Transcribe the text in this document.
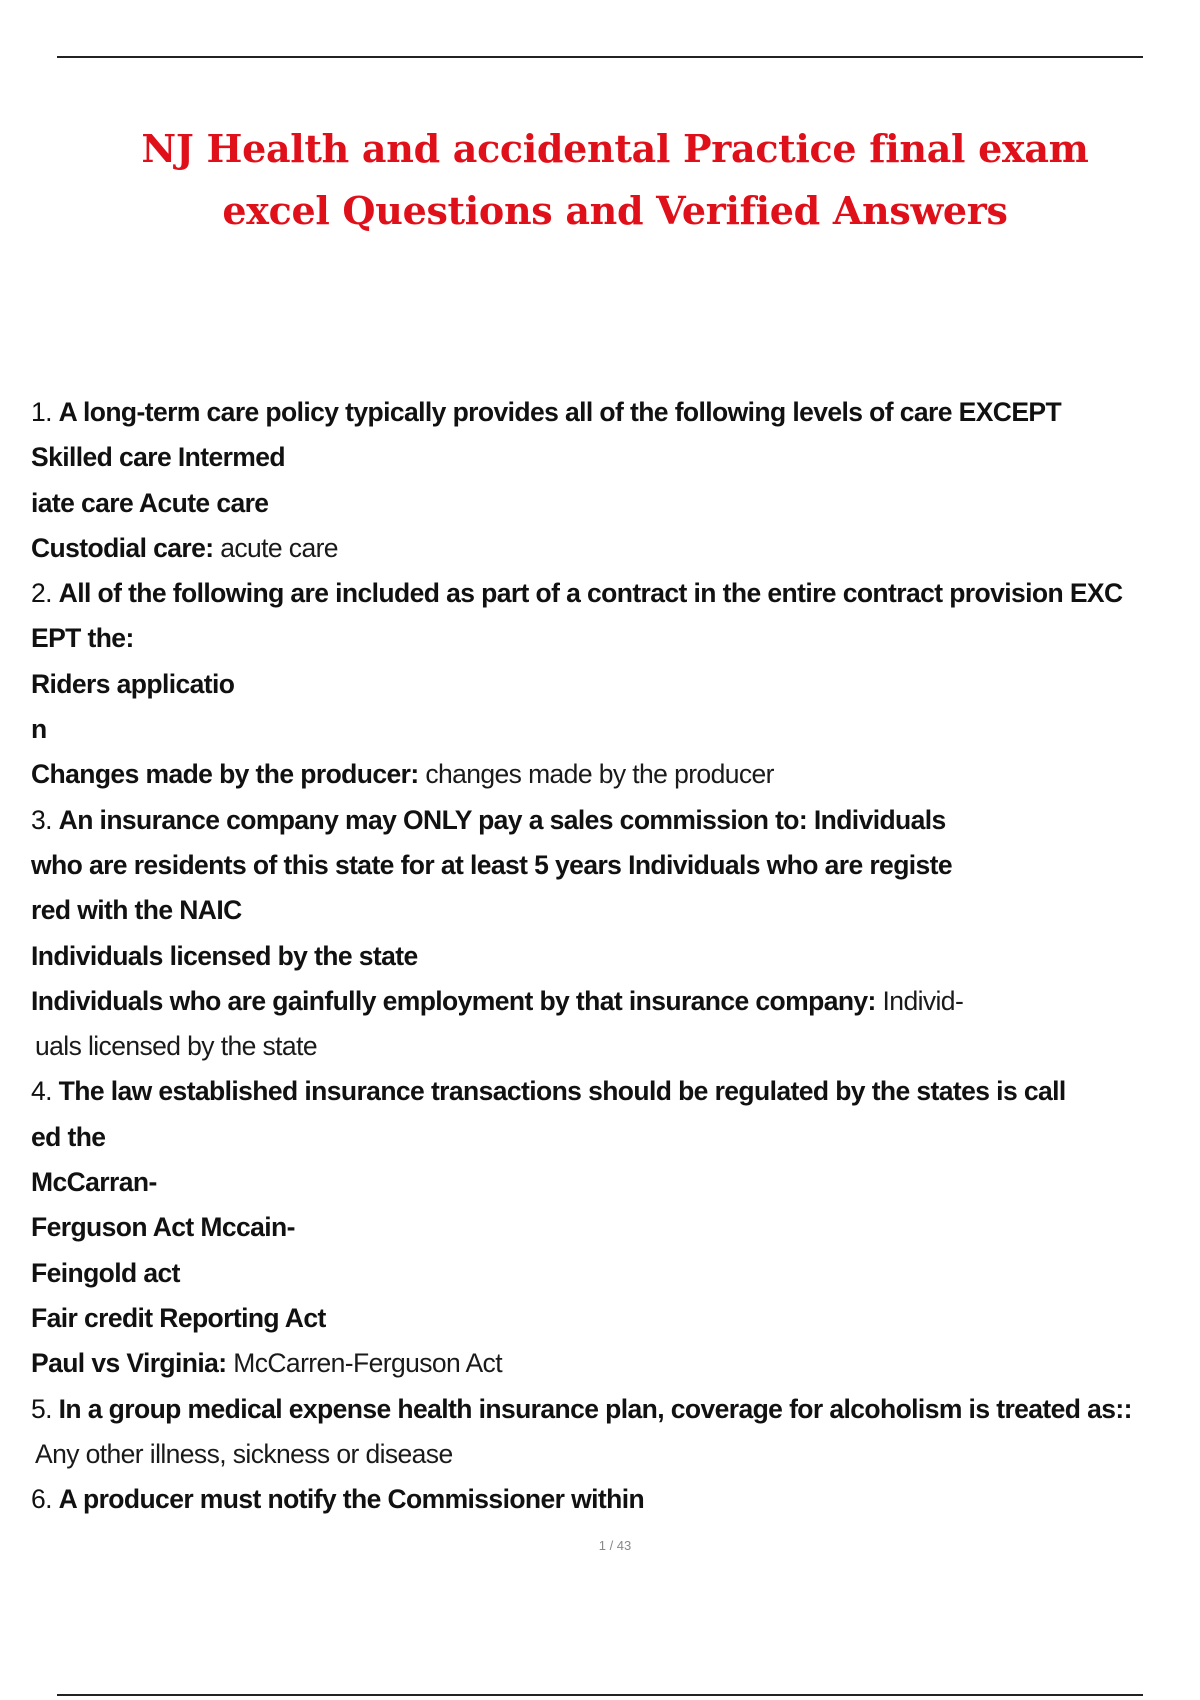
NJ Health and accidental Practice final exam
excel Questions and Verified Answers
1. A long-term care policy typically provides all of the following levels of care EXCEPT
Skilled care Intermed
iate care Acute care
Custodial care: acute care
2. All of the following are included as part of a contract in the entire contract provision EXC
EPT the:
Riders applicatio
n
Changes made by the producer: changes made by the producer
3. An insurance company may ONLY pay a sales commission to: Individuals
who are residents of this state for at least 5 years Individuals who are registe
red with the NAIC
Individuals licensed by the state
Individuals who are gainfully employment by that insurance company: Individ-
uals licensed by the state
4. The law established insurance transactions should be regulated by the states is call
ed the
McCarran-
Ferguson Act Mccain-
Feingold act
Fair credit Reporting Act
Paul vs Virginia: McCarren-Ferguson Act
5. In a group medical expense health insurance plan, coverage for alcoholism is treated as::
Any other illness, sickness or disease
6. A producer must notify the Commissioner within
1 / 43
